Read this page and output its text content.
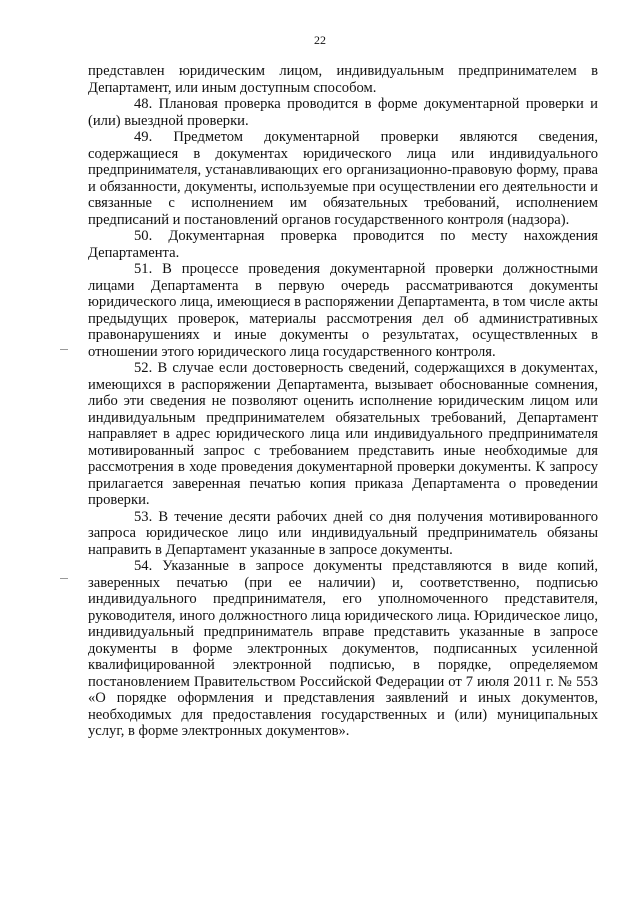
22

представлен юридическим лицом, индивидуальным предпринимателем в Департамент, или иным доступным способом.

48. Плановая проверка проводится в форме документарной проверки и (или) выездной проверки.

49. Предметом документарной проверки являются сведения, содержащиеся в документах юридического лица или индивидуального предпринимателя, устанавливающих его организационно-правовую форму, права и обязанности, документы, используемые при осуществлении его деятельности и связанные с исполнением им обязательных требований, исполнением предписаний и постановлений органов государственного контроля (надзора).

50. Документарная проверка проводится по месту нахождения Департамента.

51. В процессе проведения документарной проверки должностными лицами Департамента в первую очередь рассматриваются документы юридического лица, имеющиеся в распоряжении Департамента, в том числе акты предыдущих проверок, материалы рассмотрения дел об административных правонарушениях и иные документы о результатах, осуществленных в отношении этого юридического лица государственного контроля.

52. В случае если достоверность сведений, содержащихся в документах, имеющихся в распоряжении Департамента, вызывает обоснованные сомнения, либо эти сведения не позволяют оценить исполнение юридическим лицом или индивидуальным предпринимателем обязательных требований, Департамент направляет в адрес юридического лица или индивидуального предпринимателя мотивированный запрос с требованием представить иные необходимые для рассмотрения в ходе проведения документарной проверки документы. К запросу прилагается заверенная печатью копия приказа Департамента о проведении проверки.

53. В течение десяти рабочих дней со дня получения мотивированного запроса юридическое лицо или индивидуальный предприниматель обязаны направить в Департамент указанные в запросе документы.

54. Указанные в запросе документы представляются в виде копий, заверенных печатью (при ее наличии) и, соответственно, подписью индивидуального предпринимателя, его уполномоченного представителя, руководителя, иного должностного лица юридического лица. Юридическое лицо, индивидуальный предприниматель вправе представить указанные в запросе документы в форме электронных документов, подписанных усиленной квалифицированной электронной подписью, в порядке, определяемом постановлением Правительством Российской Федерации от 7 июля 2011 г. № 553 «О порядке оформления и представления заявлений и иных документов, необходимых для предоставления государственных и (или) муниципальных услуг, в форме электронных документов».
